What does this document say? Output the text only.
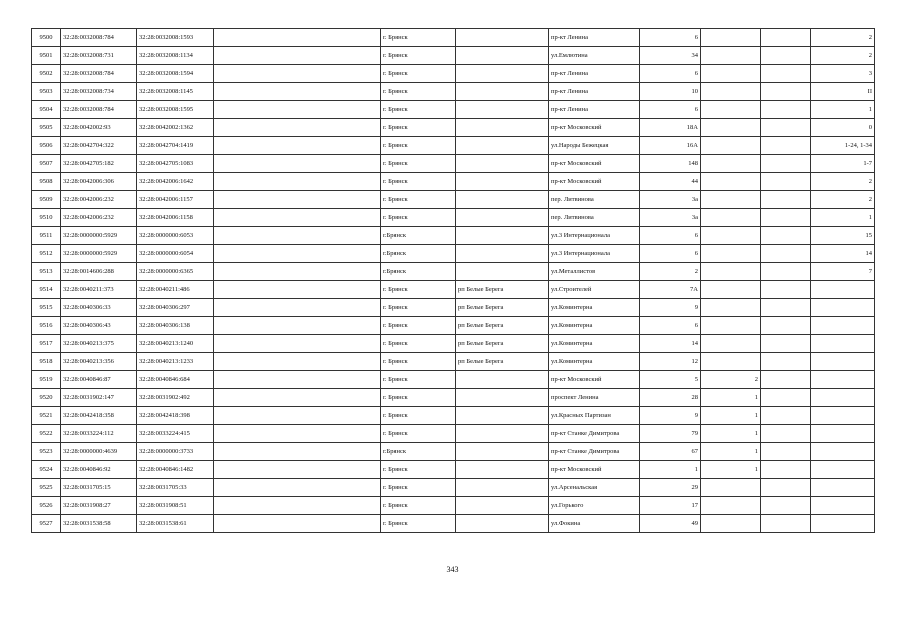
9500	32:28:0032008:784	32:28:0032008:1593		г. Брянск		пр-кт Ленина	6			2
9501	32:28:0032008:731	32:28:0032008:1134		г. Брянск		ул.Емлютина	34			2
9502	32:28:0032008:784	32:28:0032008:1594		г. Брянск		пр-кт Ленина	6			3
9503	32:28:0032008:734	32:28:0032008:1145		г. Брянск		пр-кт Ленина	10			II
9504	32:28:0032008:784	32:28:0032008:1595		г. Брянск		пр-кт Ленина	6			1
9505	32:28:0042002:93	32:28:0042002:1362		г. Брянск		пр-кт Московский	18А			0
9506	32:28:0042704:322	32:28:0042704:1419		г. Брянск		ул.Народы Бежецкая	16А			1-24, 1-34
9507	32:28:0042705:182	32:28:0042705:1083		г. Брянск		пр-кт Московский	148			1-7
9508	32:28:0042006:306	32:28:0042006:1642		г. Брянск		пр-кт Московский	44			2
9509	32:28:0042006:232	32:28:0042006:1157		г. Брянск		пер. Литвинова	3а			2
9510	32:28:0042006:232	32:28:0042006:1158		г. Брянск		пер. Литвинова	3а			1
9511	32:28:0000000:5929	32:28:0000000:6053		г.Брянск		ул.3 Интернационала	6			15
9512	32:28:0000000:5929	32:28:0000000:6054		г.Брянск		ул.3 Интернационала	6			14
9513	32:28:0014606:288	32:28:0000000:6365		г.Брянск		ул.Металлистов	2			7
9514	32:28:0040211:373	32:28:0040211:486		г. Брянск	рп Белые Берега	ул.Строителей	7А			
9515	32:28:0040306:33	32:28:0040306:297		г. Брянск	рп Белые Берега	ул.Коминтерна	9			
9516	32:28:0040306:43	32:28:0040306:138		г. Брянск	рп Белые Берега	ул.Коминтерна	6			
9517	32:28:0040213:375	32:28:0040213:1240		г. Брянск	рп Белые Берега	ул.Коминтерна	14			
9518	32:28:0040213:356	32:28:0040213:1233		г. Брянск	рп Белые Берега	ул.Коминтерна	12			
9519	32:28:0040846:87	32:28:0040846:684		г. Брянск		пр-кт Московский	5	2		
9520	32:28:0031902:147	32:28:0031902:492		г. Брянск		проспект Ленина	28	1		
9521	32:28:0042418:358	32:28:0042418:398		г. Брянск		ул.Красных Партизан	9	1		
9522	32:28:0033224:112	32:28:0033224:415		г. Брянск		пр-кт Станке Димитрова	79	1		
9523	32:28:0000000:4639	32:28:0000000:3733		г.Брянск		пр-кт Станке Димитрова	67	1		
9524	32:28:0040846:92	32:28:0040846:1482		г. Брянск		пр-кт Московский	1	1		
9525	32:28:0031705:15	32:28:0031705:33		г. Брянск		ул.Арсенальская	29			
9526	32:28:0031908:27	32:28:0031908:51		г. Брянск		ул.Горького	17			
9527	32:28:0031538:58	32:28:0031538:61		г. Брянск		ул.Фокина	49			
343
